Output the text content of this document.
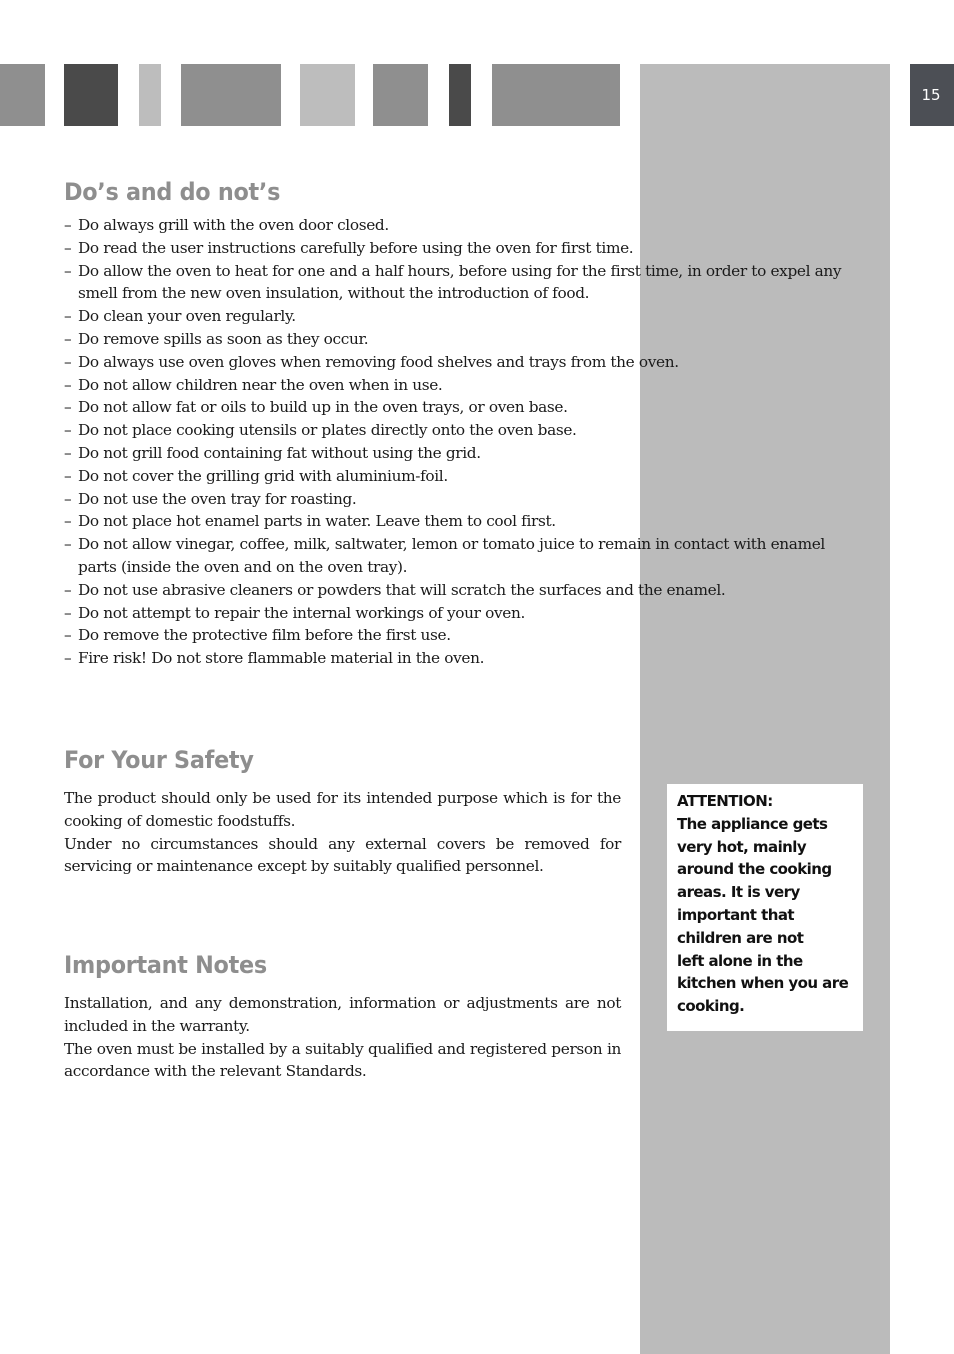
15
Do’s and do not’s
– Do always grill with the oven door closed.
– Do read the user instructions carefully before using the oven for first time.
– Do allow the oven to heat for one and a half hours, before using for the first time, in order to expel any smell from the new oven insulation, without the introduction of food.
– Do clean your oven regularly.
– Do remove spills as soon as they occur.
– Do always use oven gloves when removing food shelves and trays from the oven.
– Do not allow children near the oven when in use.
– Do not allow fat or oils to build up in the oven trays, or oven base.
– Do not place cooking utensils or plates directly onto the oven base.
– Do not grill food containing fat without using the grid.
– Do not cover the grilling grid with aluminium-foil.
– Do not use the oven tray for roasting.
– Do not place hot enamel parts in water. Leave them to cool first.
– Do not allow vinegar, coffee, milk, saltwater, lemon or tomato juice to remain in contact with enamel parts (inside the oven and on the oven tray).
– Do not use abrasive cleaners or powders that will scratch the surfaces and the enamel.
– Do not attempt to repair the internal workings of your oven.
– Do remove the protective film before the first use.
– Fire risk! Do not store flammable material in the oven.
For Your Safety
The product should only be used for its intended purpose which is for the cooking of domestic foodstuffs.
Under no circumstances should any external covers be removed for servicing or maintenance except by suitably qualified personnel.
Important Notes
Installation, and any demonstration, information or adjustments are not included in the warranty.
The oven must be installed by a suitably qualified and registered person in accordance with the relevant Standards.
ATTENTION:
The appliance gets
very hot, mainly
around the cooking
areas. It is very
important that
children are not
left alone in the
kitchen when you are
cooking.
